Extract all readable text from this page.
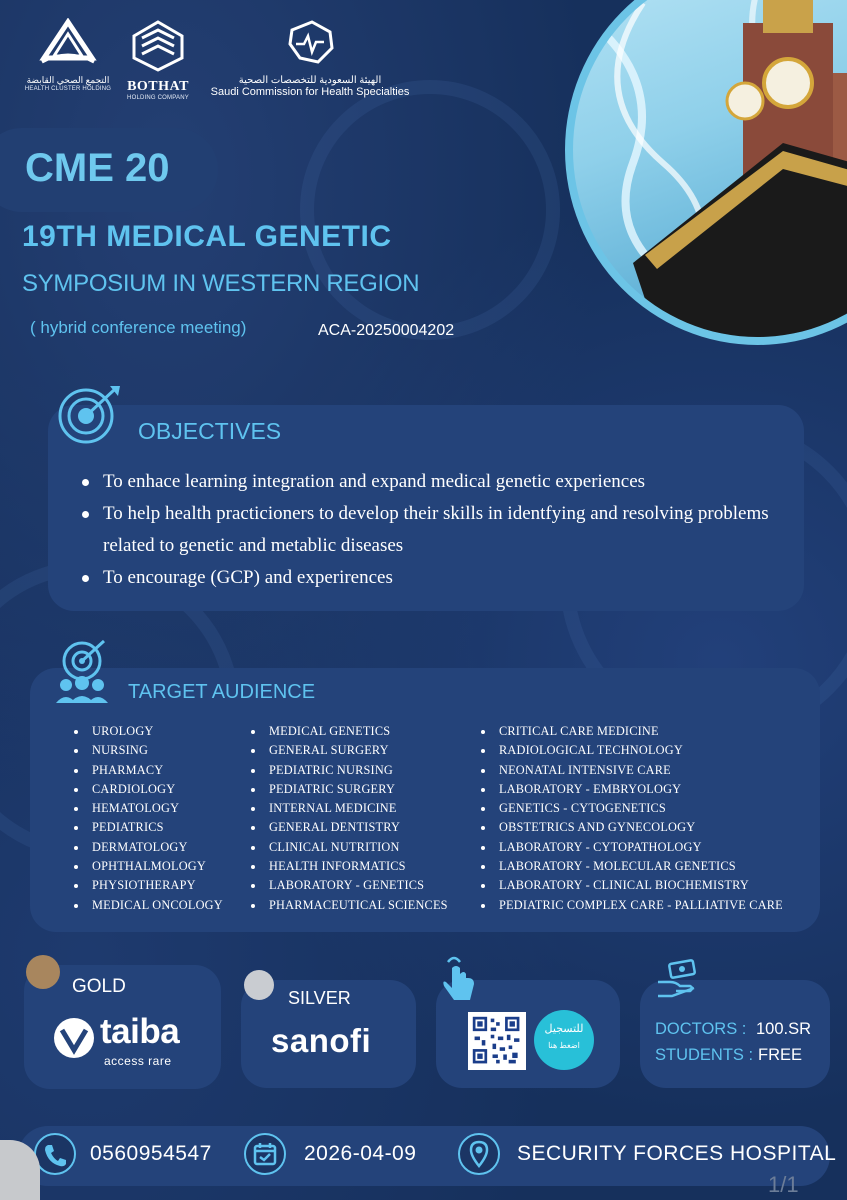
التجمع الصحي القابضة
HEALTH CLUSTER HOLDING	BOTHAT
HOLDING COMPANY
الهيئة السعودية للتخصصات الصحية
Saudi Commission for Health Specialties
CME 20
19TH MEDICAL GENETIC
SYMPOSIUM IN WESTERN REGION
( hybrid conference meeting)	ACA-20250004202
OBJECTIVES
To enhace learning integration and expand medical genetic experiences
To help health practicioners to develop their skills in identfying and resolving problems related to genetic and metablic diseases
To encourage (GCP) and experirences
TARGET AUDIENCE
UROLOGY
NURSING
PHARMACY
CARDIOLOGY
HEMATOLOGY
PEDIATRICS
DERMATOLOGY
OPHTHALMOLOGY
PHYSIOTHERAPY
MEDICAL ONCOLOGY
MEDICAL GENETICS
GENERAL SURGERY
PEDIATRIC NURSING
PEDIATRIC SURGERY
INTERNAL MEDICINE
GENERAL DENTISTRY
CLINICAL NUTRITION
HEALTH INFORMATICS
LABORATORY - GENETICS
PHARMACEUTICAL SCIENCES
CRITICAL CARE MEDICINE
RADIOLOGICAL TECHNOLOGY
NEONATAL INTENSIVE CARE
LABORATORY - EMBRYOLOGY
GENETICS - CYTOGENETICS
OBSTETRICS AND GYNECOLOGY
LABORATORY - CYTOPATHOLOGY
LABORATORY - MOLECULAR GENETICS
LABORATORY - CLINICAL BIOCHEMISTRY
PEDIATRIC COMPLEX CARE - PALLIATIVE CARE
GOLD
taiba
access rare
SILVER
sanofi	للتسجيل
اضغط هنا
DOCTORS : 100.SR
STUDENTS : FREE
0560954547	2026-04-09	SECURITY FORCES HOSPITAL
1/1
